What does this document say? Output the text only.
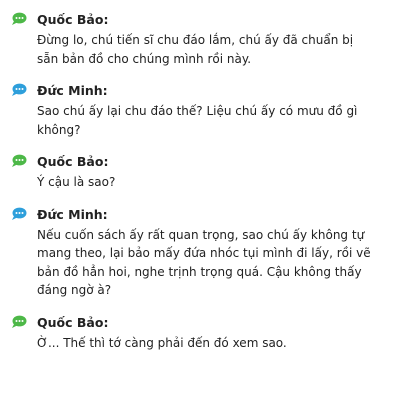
Quốc Bảo :
Đừng lo, chú tiến sĩ chu đáo lắm, chú ấy đã chuẩn bị
sẵn bản đồ cho chúng mình rồi này.
Đức Minh :
Sao chú ấy lại chu đáo thế? Liệu chú ấy có mưu đồ gì
không?
Quốc Bảo :
Ý cậu là sao?
Đức Minh :
Nếu cuốn sách ấy rất quan trọng, sao chú ấy không tự
mang theo, lại bảo mấy đứa nhóc tụi mình đi lấy, rồi vẽ
bản đồ hẳn hoi, nghe trịnh trọng quá. Cậu không thấy
đáng ngờ à?
Quốc Bảo :
Ờ... Thế thì tớ càng phải đến đó xem sao.
